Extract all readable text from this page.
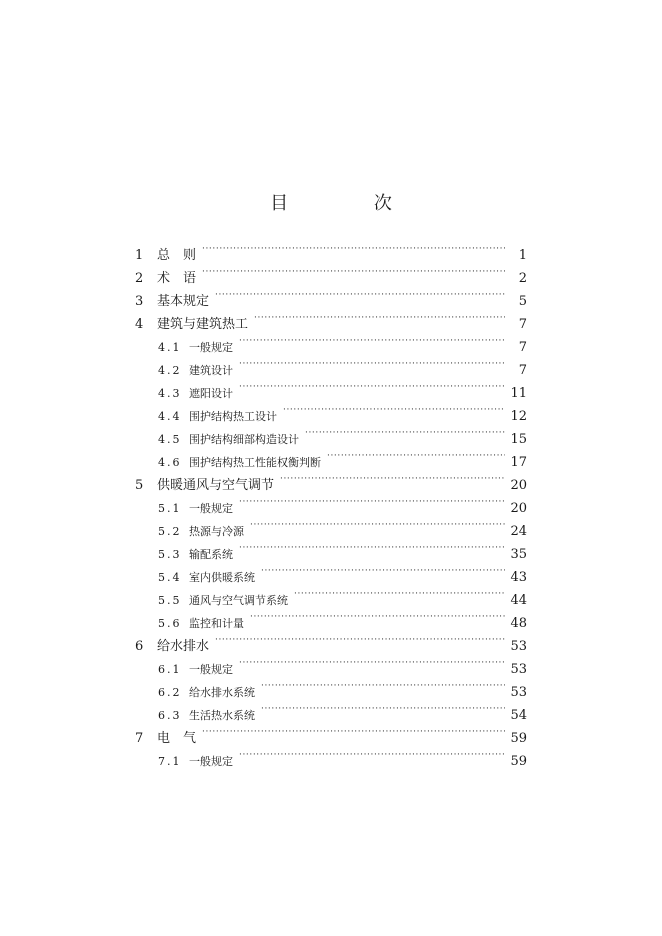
目 次
1	总　则 ·····	1
2	术　语 ·····	2
3	基本规定 ·····	5
4	建筑与建筑热工 ·····	7
4.1 一般规定 ·····	7
4.2 建筑设计 ·····	7
4.3 遮阳设计 ·····	11
4.4 围护结构热工设计 ·····	12
4.5 围护结构细部构造设计 ·····	15
4.6 围护结构热工性能权衡判断 ·····	17
5	供暖通风与空气调节 ·····	20
5.1 一般规定 ·····	20
5.2 热源与冷源 ·····	24
5.3 输配系统 ·····	35
5.4 室内供暖系统 ·····	43
5.5 通风与空气调节系统 ·····	44
5.6 监控和计量 ·····	48
6	给水排水 ·····	53
6.1 一般规定 ·····	53
6.2 给水排水系统 ·····	53
6.3 生活热水系统 ·····	54
7	电　气 ·····	59
7.1 一般规定 ·····	59
